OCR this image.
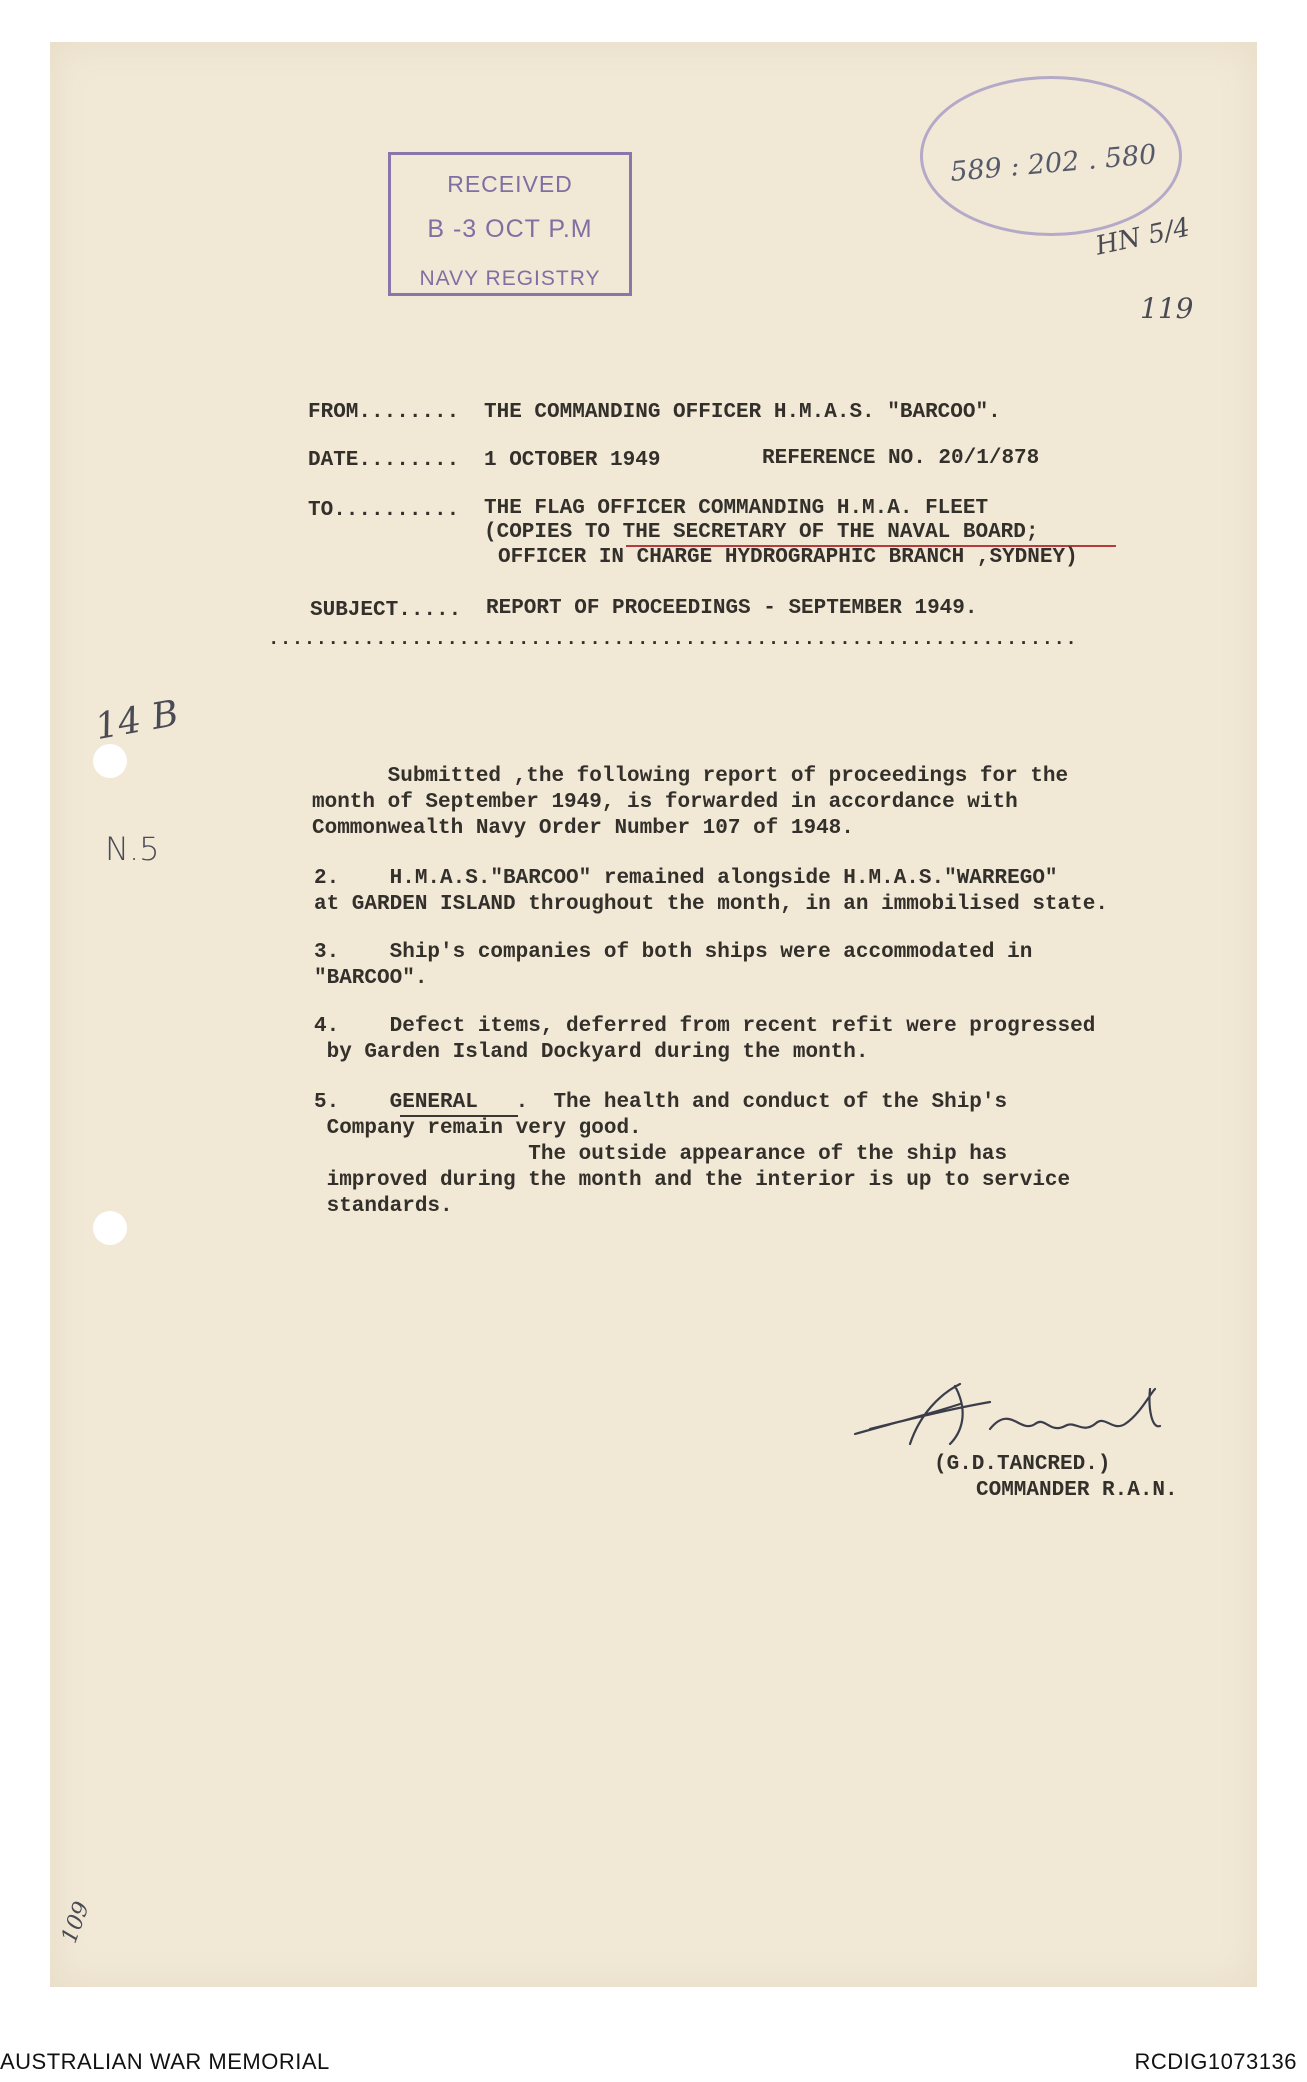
RECEIVED
B -3 OCT P.M
NAVY REGISTRY
589 : 202 . 580
HN 5/4
119
14 B
N.5
109
FROM........ THE COMMANDING OFFICER H.M.A.S. "BARCOO".
DATE........ 1 OCTOBER 1949	REFERENCE NO. 20/1/878
TO.......... THE FLAG OFFICER COMMANDING H.M.A. FLEET
(COPIES TO THE SECRETARY OF THE NAVAL BOARD;
OFFICER IN CHARGE HYDROGRAPHIC BRANCH ,SYDNEY)
SUBJECT..... REPORT OF PROCEEDINGS - SEPTEMBER 1949.
....................................................................
Submitted ,the following report of proceedings for the
month of September 1949, is forwarded in accordance with
Commonwealth Navy Order Number 107 of 1948.
2.    H.M.A.S."BARCOO" remained alongside H.M.A.S."WARREGO"
at GARDEN ISLAND throughout the month, in an immobilised state.
3.    Ship's companies of both ships were accommodated in
"BARCOO".
4.    Defect items, deferred from recent refit were progressed
by Garden Island Dockyard during the month.
5.    GENERAL   .  The health and conduct of the Ship's
Company remain very good.
The outside appearance of the ship has
improved during the month and the interior is up to service
standards.
(G.D.TANCRED.)
COMMANDER R.A.N.
AUSTRALIAN WAR MEMORIAL	RCDIG1073136
